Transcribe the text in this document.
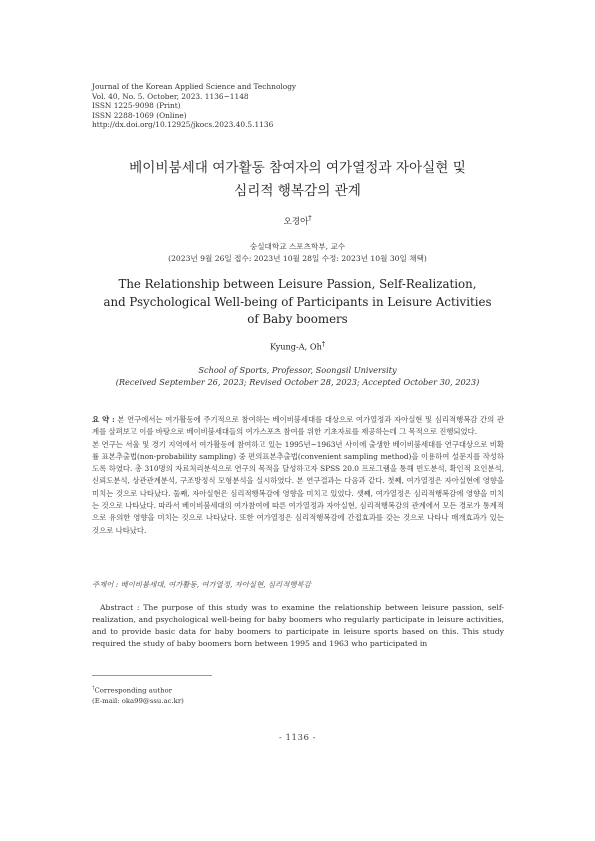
Journal of the Korean Applied Science and Technology
Vol. 40, No. 5. October, 2023. 1136~1148
ISSN 1225-9098 (Print)
ISSN 2288-1069 (Online)
http://dx.doi.org/10.12925/jkocs.2023.40.5.1136
베이비붐세대 여가활동 참여자의 여가열정과 자아실현 및
심리적 행복감의 관계
오경아†
숭실대학교 스포츠학부, 교수
(2023년 9월 26일 접수: 2023년 10월 28일 수정: 2023년 10월 30일 채택)
The Relationship between Leisure Passion, Self-Realization,
and Psychological Well-being of Participants in Leisure Activities
of Baby boomers
Kyung-A, Oh†
School of Sports, Professor, Soongsil University
(Received September 26, 2023; Revised October 28, 2023; Accepted October 30, 2023)

요 약 : 본 연구에서는 여가활동에 주기적으로 참여하는 베이비붐세대를 대상으로 여가열정과 자아실현 및 심리적행복감 간의 관계를 살펴보고 이를 바탕으로 베이비붐세대들의 여가스포츠 참여를 위한 기초자료를 제공하는데 그 목적으로 진행되었다.

본 연구는 서울 및 경기 지역에서 여가활동에 참여하고 있는 1995년~1963년 사이에 출생한 베이비붐세대를 연구대상으로 비확률 표본추출법(non-probability sampling) 중 편의표본추출법(convenient sampling method)을 이용하여 설문지를 작성하도록 하였다. 총 310명의 자료처리분석으로 연구의 목적을 달성하고자 SPSS 20.0 프로그램을 통해 빈도분석, 확인적 요인분석, 신뢰도분석, 상관관계분석, 구조방정식 모형분석을 실시하였다. 본 연구결과는 다음과 같다. 첫째, 여가열정은 자아실현에 영향을 미치는 것으로 나타났다. 둘째, 자아실현은 심리적행복감에 영향을 미치고 있었다. 셋째, 여가열정은 심리적행복감에 영향을 미치는 것으로 나타났다. 따라서 베이비붐세대의 여가참여에 따른 여가열정과 자아실현, 심리적행복감의 관계에서 모든 경로가 통계적으로 유의한 영향을 미치는 것으로 나타났다. 또한 여가열정은 심리적행복감에 간접효과를 갖는 것으로 나타나 매개효과가 있는 것으로 나타났다.

주제어 : 베이비붐세대, 여가활동, 여가열정, 자아실현, 심리적행복감

Abstract : The purpose of this study was to examine the relationship between leisure passion, self-realization, and psychological well-being for baby boomers who regularly participate in leisure activities, and to provide basic data for baby boomers to participate in leisure sports based on this. This study required the study of baby boomers born between 1995 and 1963 who participated in

†Corresponding author
(E-mail: oka99@ssu.ac.kr)
- 1136 -
